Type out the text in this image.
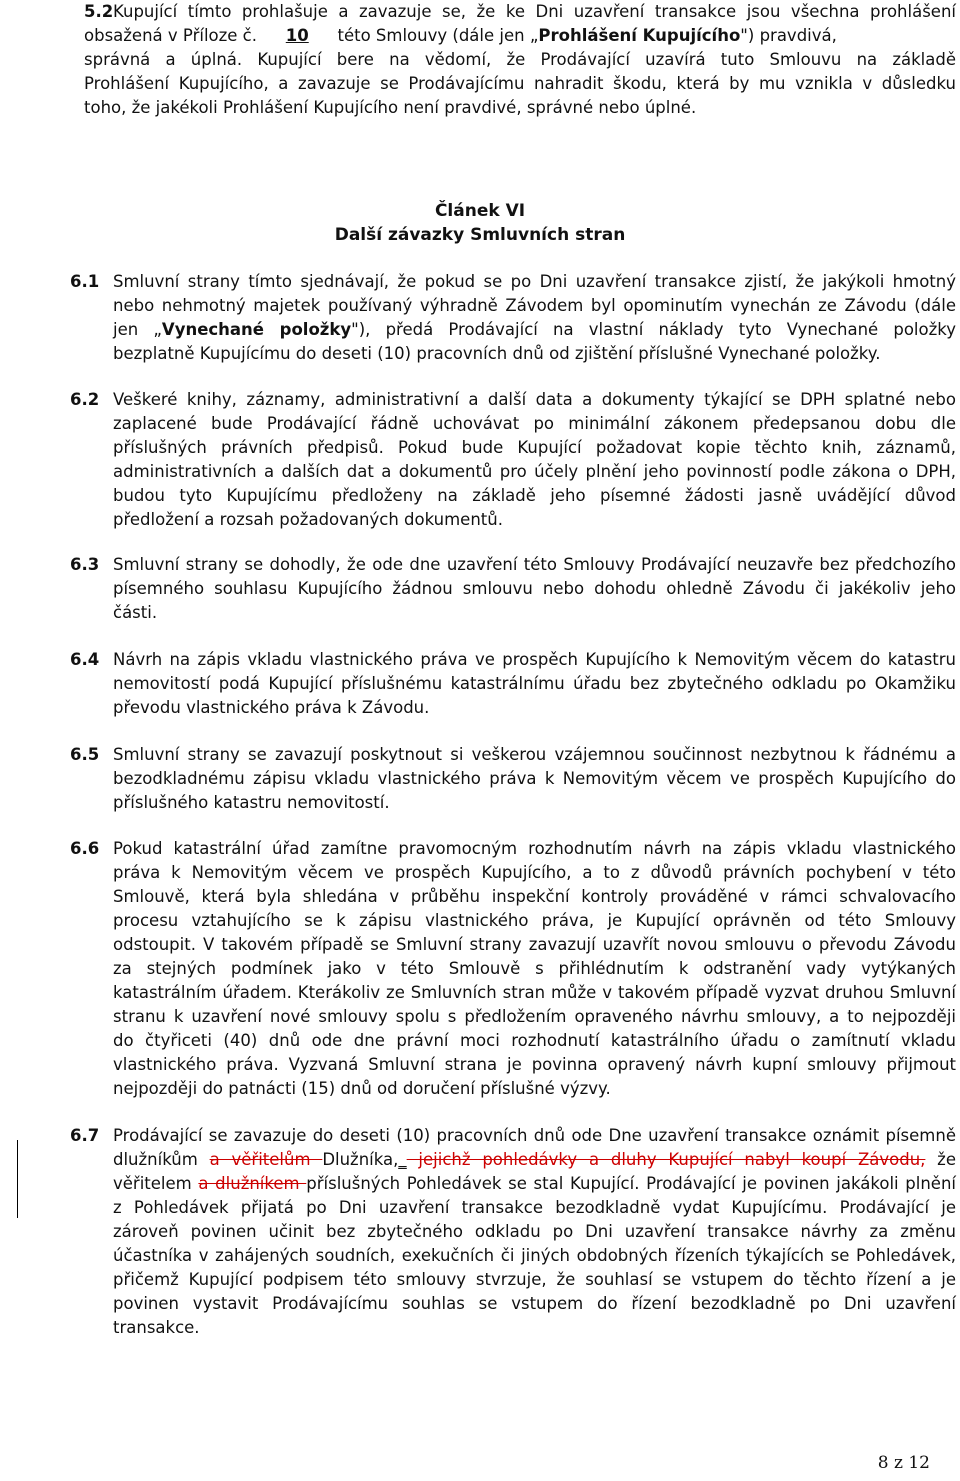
5.2 Kupující tímto prohlašuje a zavazuje se, že ke Dni uzavření transakce jsou všechna prohlášení
obsažená v Příloze č. 10 této Smlouvy (dále jen „Prohlášení Kupujícího") pravdivá,
správná a úplná. Kupující bere na vědomí, že Prodávající uzavírá tuto Smlouvu na základě
Prohlášení Kupujícího, a zavazuje se Prodávajícímu nahradit škodu, která by mu vznikla v důsledku
toho, že jakékoli Prohlášení Kupujícího není pravdivé, správné nebo úplné.
Článek VI
Další závazky Smluvních stran
6.1 Smluvní strany tímto sjednávají, že pokud se po Dni uzavření transakce zjistí, že jakýkoli hmotný
nebo nehmotný majetek používaný výhradně Závodem byl opominutím vynechán ze Závodu (dále
jen „Vynechané položky"), předá Prodávající na vlastní náklady tyto Vynechané položky
bezplatně Kupujícímu do deseti (10) pracovních dnů od zjištění příslušné Vynechané položky.
6.2 Veškeré knihy, záznamy, administrativní a další data a dokumenty týkající se DPH splatné nebo
zaplacené bude Prodávající řádně uchovávat po minimální zákonem předepsanou dobu dle
příslušných právních předpisů. Pokud bude Kupující požadovat kopie těchto knih, záznamů,
administrativních a dalších dat a dokumentů pro účely plnění jeho povinností podle zákona o DPH,
budou tyto Kupujícímu předloženy na základě jeho písemné žádosti jasně uvádějící důvod
předložení a rozsah požadovaných dokumentů.
6.3 Smluvní strany se dohodly, že ode dne uzavření této Smlouvy Prodávající neuzavře bez předchozího
písemného souhlasu Kupujícího žádnou smlouvu nebo dohodu ohledně Závodu či jakékoliv jeho
části.
6.4 Návrh na zápis vkladu vlastnického práva ve prospěch Kupujícího k Nemovitým věcem do katastru
nemovitostí podá Kupující příslušnému katastrálnímu úřadu bez zbytečného odkladu po Okamžiku
převodu vlastnického práva k Závodu.
6.5 Smluvní strany se zavazují poskytnout si veškerou vzájemnou součinnost nezbytnou k řádnému a
bezodkladnému zápisu vkladu vlastnického práva k Nemovitým věcem ve prospěch Kupujícího do
příslušného katastru nemovitostí.
6.6 Pokud katastrální úřad zamítne pravomocným rozhodnutím návrh na zápis vkladu vlastnického
práva k Nemovitým věcem ve prospěch Kupujícího, a to z důvodů právních pochybení v této
Smlouvě, která byla shledána v průběhu inspekční kontroly prováděné v rámci schvalovacího
procesu vztahujícího se k zápisu vlastnického práva, je Kupující oprávněn od této Smlouvy
odstoupit. V takovém případě se Smluvní strany zavazují uzavřít novou smlouvu o převodu Závodu
za stejných podmínek jako v této Smlouvě s přihlédnutím k odstranění vady vytýkaných
katastrálním úřadem. Kterákoliv ze Smluvních stran může v takovém případě vyzvat druhou Smluvní
stranu k uzavření nové smlouvy spolu s předložením opraveného návrhu smlouvy, a to nejpozději
do čtyřiceti (40) dnů ode dne právní moci rozhodnutí katastrálního úřadu o zamítnutí vkladu
vlastnického práva. Vyzvaná Smluvní strana je povinna opravený návrh kupní smlouvy přijmout
nejpozději do patnácti (15) dnů od doručení příslušné výzvy.
6.7 Prodávající se zavazuje do deseti (10) pracovních dnů ode Dne uzavření transakce oznámit písemně
dlužníkům a věřitelům Dlužníka,_ jejichž pohledávky a dluhy Kupující nabyl koupí Závodu, že
věřitelem a dlužníkem příslušných Pohledávek se stal Kupující. Prodávající je povinen jakákoli plnění
z Pohledávek přijatá po Dni uzavření transakce bezodkladně vydat Kupujícímu. Prodávající je
zároveň povinen učinit bez zbytečného odkladu po Dni uzavření transakce návrhy za změnu
účastníka v zahájených soudních, exekučních či jiných obdobných řízeních týkajících se Pohledávek,
přičemž Kupující podpisem této smlouvy stvrzuje, že souhlasí se vstupem do těchto řízení a je
povinen vystavit Prodávajícímu souhlas se vstupem do řízení bezodkladně po Dni uzavření
transakce.
8 z 12
